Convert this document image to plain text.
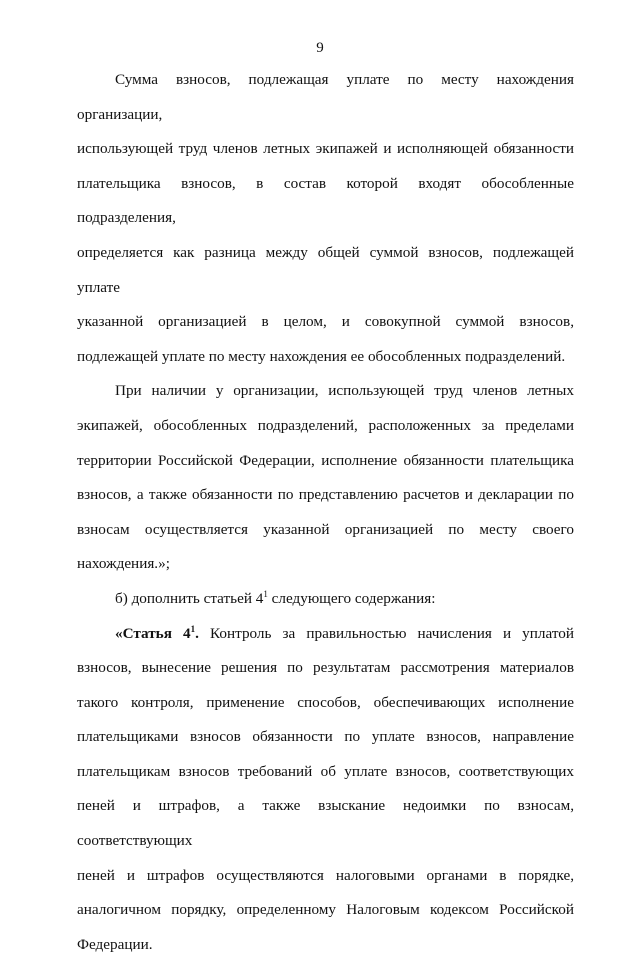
9
Сумма взносов, подлежащая уплате по месту нахождения организации,
использующей труд членов летных экипажей и исполняющей обязанности
плательщика взносов, в состав которой входят обособленные подразделения,
определяется как разница между общей суммой взносов, подлежащей уплате
указанной организацией в целом, и совокупной суммой взносов,
подлежащей уплате по месту нахождения ее обособленных подразделений.
При наличии у организации, использующей труд членов летных
экипажей, обособленных подразделений, расположенных за пределами
территории Российской Федерации, исполнение обязанности плательщика
взносов, а также обязанности по представлению расчетов и декларации по
взносам осуществляется указанной организацией по месту своего
нахождения.»;
б) дополнить статьей $4^1$ следующего содержания:
«Статья $4^1$. Контроль за правильностью начисления и уплатой
взносов, вынесение решения по результатам рассмотрения материалов
такого контроля, применение способов, обеспечивающих исполнение
плательщиками взносов обязанности по уплате взносов, направление
плательщикам взносов требований об уплате взносов, соответствующих
пеней и штрафов, а также взыскание недоимки по взносам, соответствующих
пеней и штрафов осуществляются налоговыми органами в порядке,
аналогичном порядку, определенному Налоговым кодексом Российской
Федерации.
